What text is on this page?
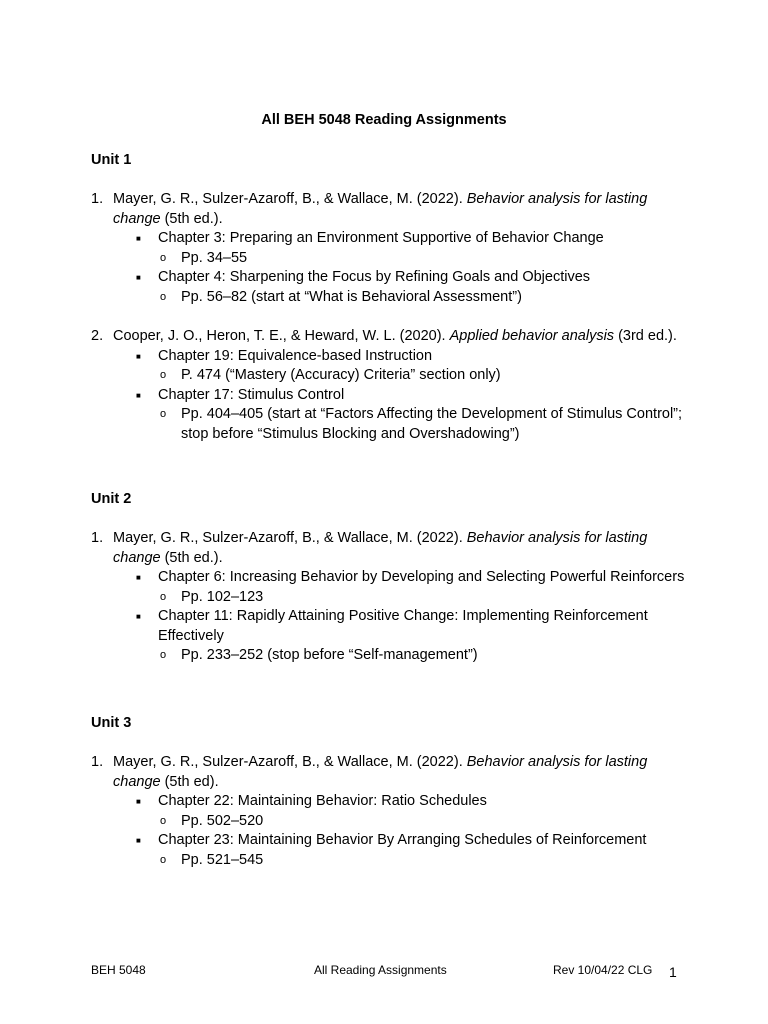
All BEH 5048 Reading Assignments
Unit 1
1. Mayer, G. R., Sulzer-Azaroff, B., & Wallace, M. (2022). Behavior analysis for lasting change (5th ed.).
■ Chapter 3: Preparing an Environment Supportive of Behavior Change
o Pp. 34–55
■ Chapter 4: Sharpening the Focus by Refining Goals and Objectives
o Pp. 56–82 (start at “What is Behavioral Assessment”)
2. Cooper, J. O., Heron, T. E., & Heward, W. L. (2020). Applied behavior analysis (3rd ed.).
■ Chapter 19: Equivalence-based Instruction
o P. 474 (“Mastery (Accuracy) Criteria” section only)
■ Chapter 17: Stimulus Control
o Pp. 404–405 (start at “Factors Affecting the Development of Stimulus Control”; stop before “Stimulus Blocking and Overshadowing”)
Unit 2
1. Mayer, G. R., Sulzer-Azaroff, B., & Wallace, M. (2022). Behavior analysis for lasting change (5th ed.).
■ Chapter 6: Increasing Behavior by Developing and Selecting Powerful Reinforcers
o Pp. 102–123
■ Chapter 11: Rapidly Attaining Positive Change: Implementing Reinforcement Effectively
o Pp. 233–252 (stop before “Self-management”)
Unit 3
1. Mayer, G. R., Sulzer-Azaroff, B., & Wallace, M. (2022). Behavior analysis for lasting change (5th ed).
■ Chapter 22: Maintaining Behavior: Ratio Schedules
o Pp. 502–520
■ Chapter 23: Maintaining Behavior By Arranging Schedules of Reinforcement
o Pp. 521–545
BEH 5048	All Reading Assignments	Rev 10/04/22 CLG 1
